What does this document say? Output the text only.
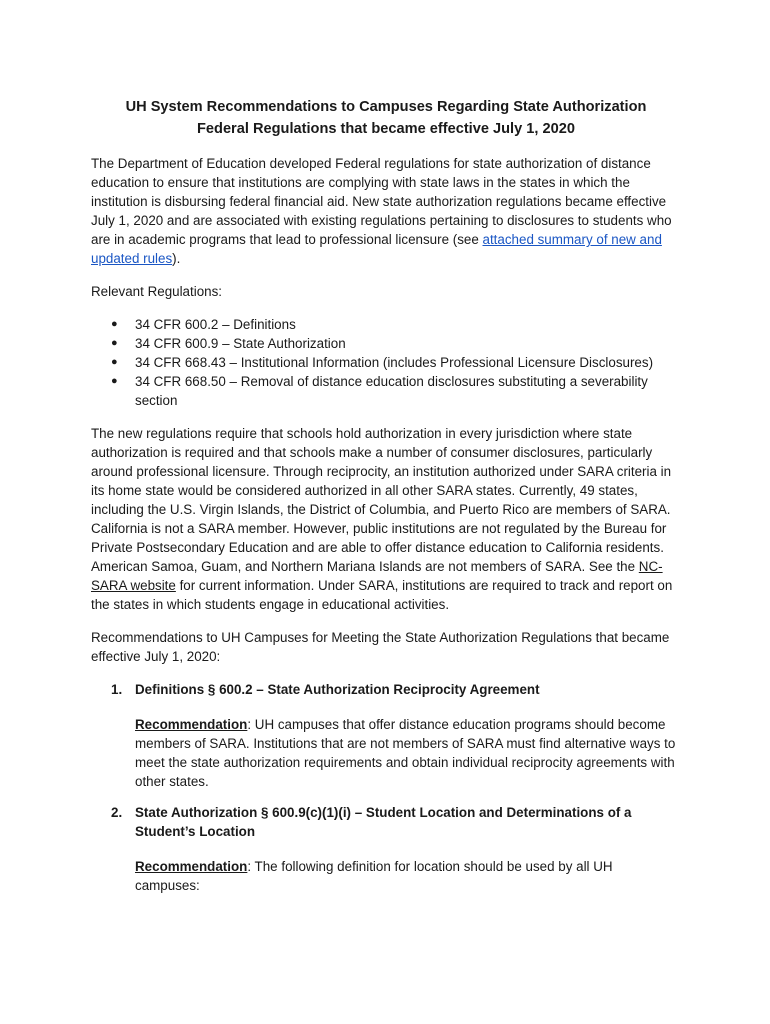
UH System Recommendations to Campuses Regarding State Authorization
Federal Regulations that became effective July 1, 2020

The Department of Education developed Federal regulations for state authorization of distance education to ensure that institutions are complying with state laws in the states in which the institution is disbursing federal financial aid. New state authorization regulations became effective July 1, 2020 and are associated with existing regulations pertaining to disclosures to students who are in academic programs that lead to professional licensure (see attached summary of new and updated rules).

Relevant Regulations:

● 34 CFR 600.2 – Definitions
● 34 CFR 600.9 – State Authorization
● 34 CFR 668.43 – Institutional Information (includes Professional Licensure Disclosures)
● 34 CFR 668.50 – Removal of distance education disclosures substituting a severability section

The new regulations require that schools hold authorization in every jurisdiction where state authorization is required and that schools make a number of consumer disclosures, particularly around professional licensure. Through reciprocity, an institution authorized under SARA criteria in its home state would be considered authorized in all other SARA states. Currently, 49 states, including the U.S. Virgin Islands, the District of Columbia, and Puerto Rico are members of SARA. California is not a SARA member. However, public institutions are not regulated by the Bureau for Private Postsecondary Education and are able to offer distance education to California residents. American Samoa, Guam, and Northern Mariana Islands are not members of SARA. See the NC-SARA website for current information. Under SARA, institutions are required to track and report on the states in which students engage in educational activities.

Recommendations to UH Campuses for Meeting the State Authorization Regulations that became effective July 1, 2020:

1. Definitions § 600.2 – State Authorization Reciprocity Agreement

Recommendation: UH campuses that offer distance education programs should become members of SARA. Institutions that are not members of SARA must find alternative ways to meet the state authorization requirements and obtain individual reciprocity agreements with other states.

2. State Authorization § 600.9(c)(1)(i) – Student Location and Determinations of a Student’s Location

Recommendation: The following definition for location should be used by all UH campuses:
